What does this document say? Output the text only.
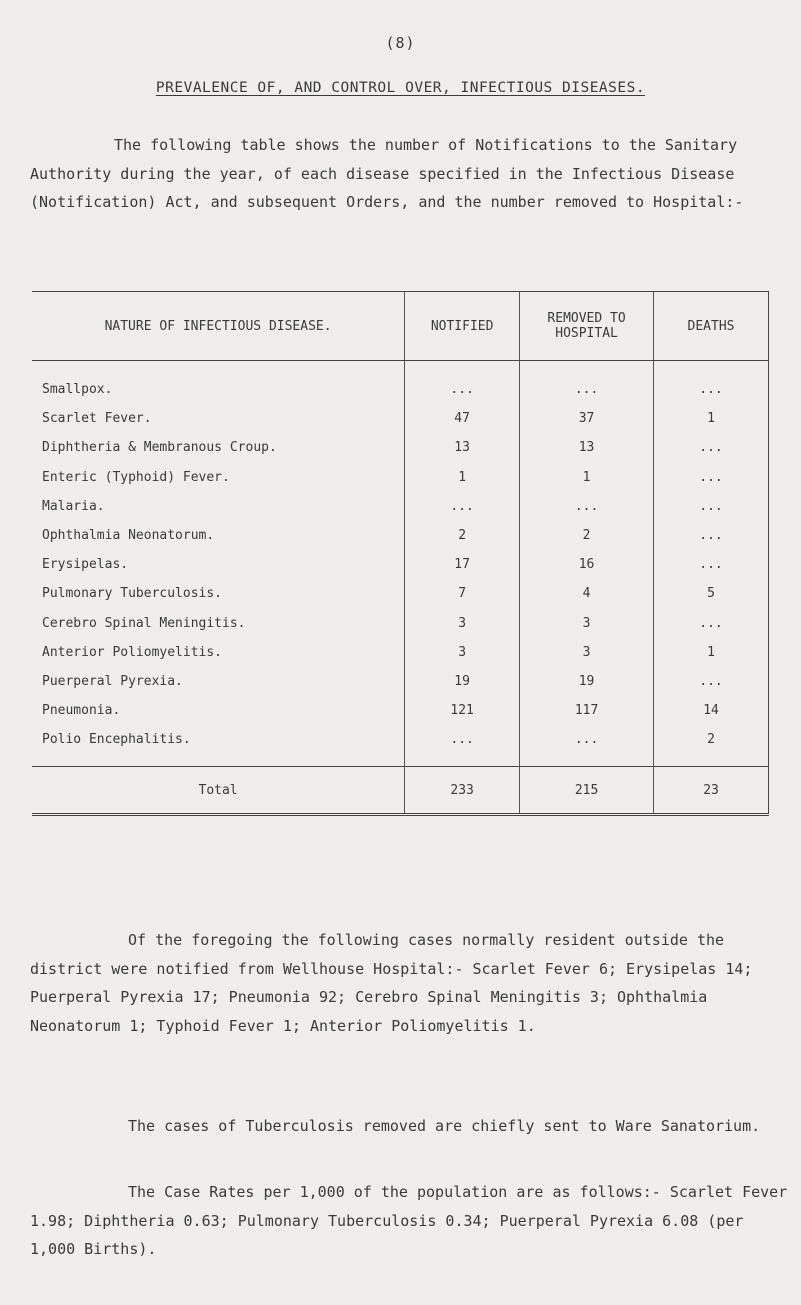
(8)
PREVALENCE OF, AND CONTROL OVER, INFECTIOUS DISEASES.

The following table shows the number of Notifications to the Sanitary Authority during the year, of each disease specified in the Infectious Disease (Notification) Act, and subsequent Orders, and the number removed to Hospital:-

NATURE OF INFECTIOUS DISEASE.	NOTIFIED	REMOVED TO HOSPITAL	DEATHS
Smallpox.	...	...	...
Scarlet Fever.	47	37	1
Diphtheria & Membranous Croup.	13	13	...
Enteric (Typhoid) Fever.	1	1	...
Malaria.	...	...	...
Ophthalmia Neonatorum.	2	2	...
Erysipelas.	17	16	...
Pulmonary Tuberculosis.	7	4	5
Cerebro Spinal Meningitis.	3	3	...
Anterior Poliomyelitis.	3	3	1
Puerperal Pyrexia.	19	19	...
Pneumonia.	121	117	14
Polio Encephalitis.	...	...	2
Total	233	215	23

Of the foregoing the following cases normally resident outside the district were notified from Wellhouse Hospital:- Scarlet Fever 6; Erysipelas 14; Puerperal Pyrexia 17; Pneumonia 92; Cerebro Spinal Meningitis 3; Ophthalmia Neonatorum 1; Typhoid Fever 1; Anterior Poliomyelitis 1.

The cases of Tuberculosis removed are chiefly sent to Ware Sanatorium.

The Case Rates per 1,000 of the population are as follows:- Scarlet Fever 1.98; Diphtheria 0.63; Pulmonary Tuberculosis 0.34; Puerperal Pyrexia 6.08 (per 1,000 Births).
